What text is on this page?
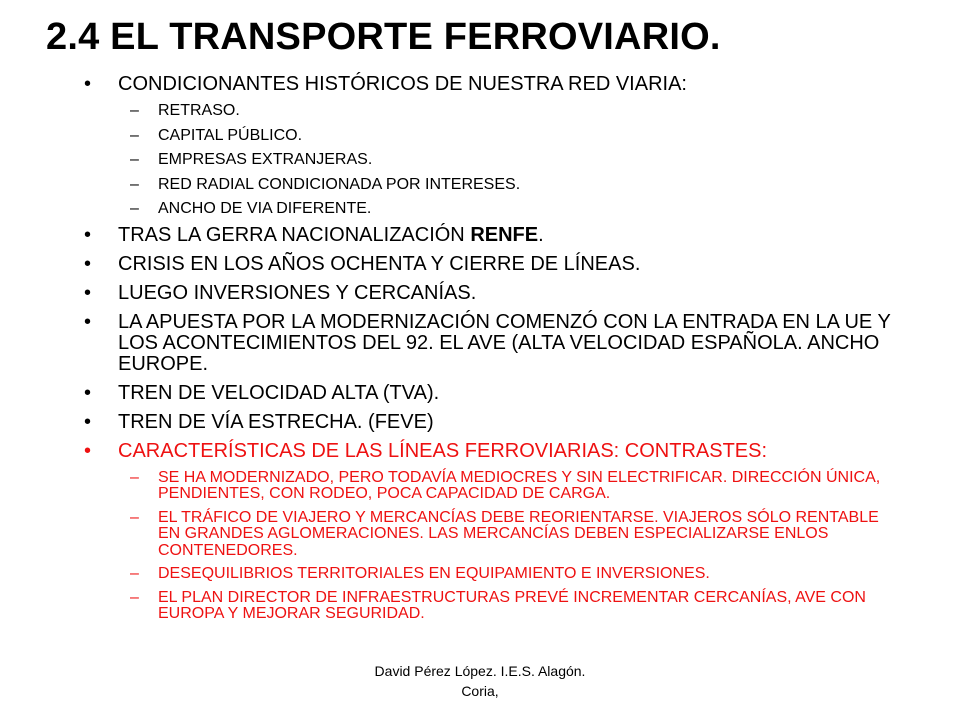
2.4 EL TRANSPORTE FERROVIARIO.

• CONDICIONANTES HISTÓRICOS DE NUESTRA RED VIARIA:

– RETRASO.

– CAPITAL PÚBLICO.

– EMPRESAS EXTRANJERAS.

– RED RADIAL CONDICIONADA POR INTERESES.

– ANCHO DE VIA DIFERENTE.

• TRAS LA GERRA NACIONALIZACIÓN RENFE.

• CRISIS EN LOS AÑOS OCHENTA Y CIERRE DE LÍNEAS.

• LUEGO INVERSIONES Y CERCANÍAS.

• LA APUESTA POR LA MODERNIZACIÓN COMENZÓ CON LA ENTRADA EN LA UE Y LOS ACONTECIMIENTOS DEL 92. EL AVE (ALTA VELOCIDAD ESPAÑOLA. ANCHO EUROPE.

• TREN DE VELOCIDAD ALTA (TVA).

• TREN DE VÍA ESTRECHA. (FEVE)

• CARACTERÍSTICAS DE LAS LÍNEAS FERROVIARIAS: CONTRASTES:

– SE HA MODERNIZADO, PERO TODAVÍA MEDIOCRES Y SIN ELECTRIFICAR. DIRECCIÓN ÚNICA, PENDIENTES, CON RODEO, POCA CAPACIDAD DE CARGA.

– EL TRÁFICO DE VIAJERO Y MERCANCÍAS DEBE REORIENTARSE. VIAJEROS SÓLO RENTABLE EN GRANDES AGLOMERACIONES. LAS MERCANCÍAS DEBEN ESPECIALIZARSE ENLOS CONTENEDORES.

– DESEQUILIBRIOS TERRITORIALES EN EQUIPAMIENTO E INVERSIONES.

– EL PLAN DIRECTOR DE INFRAESTRUCTURAS PREVÉ INCREMENTAR CERCANÍAS, AVE CON EUROPA Y MEJORAR SEGURIDAD.

David Pérez López. I.E.S. Alagón.
Coria,
